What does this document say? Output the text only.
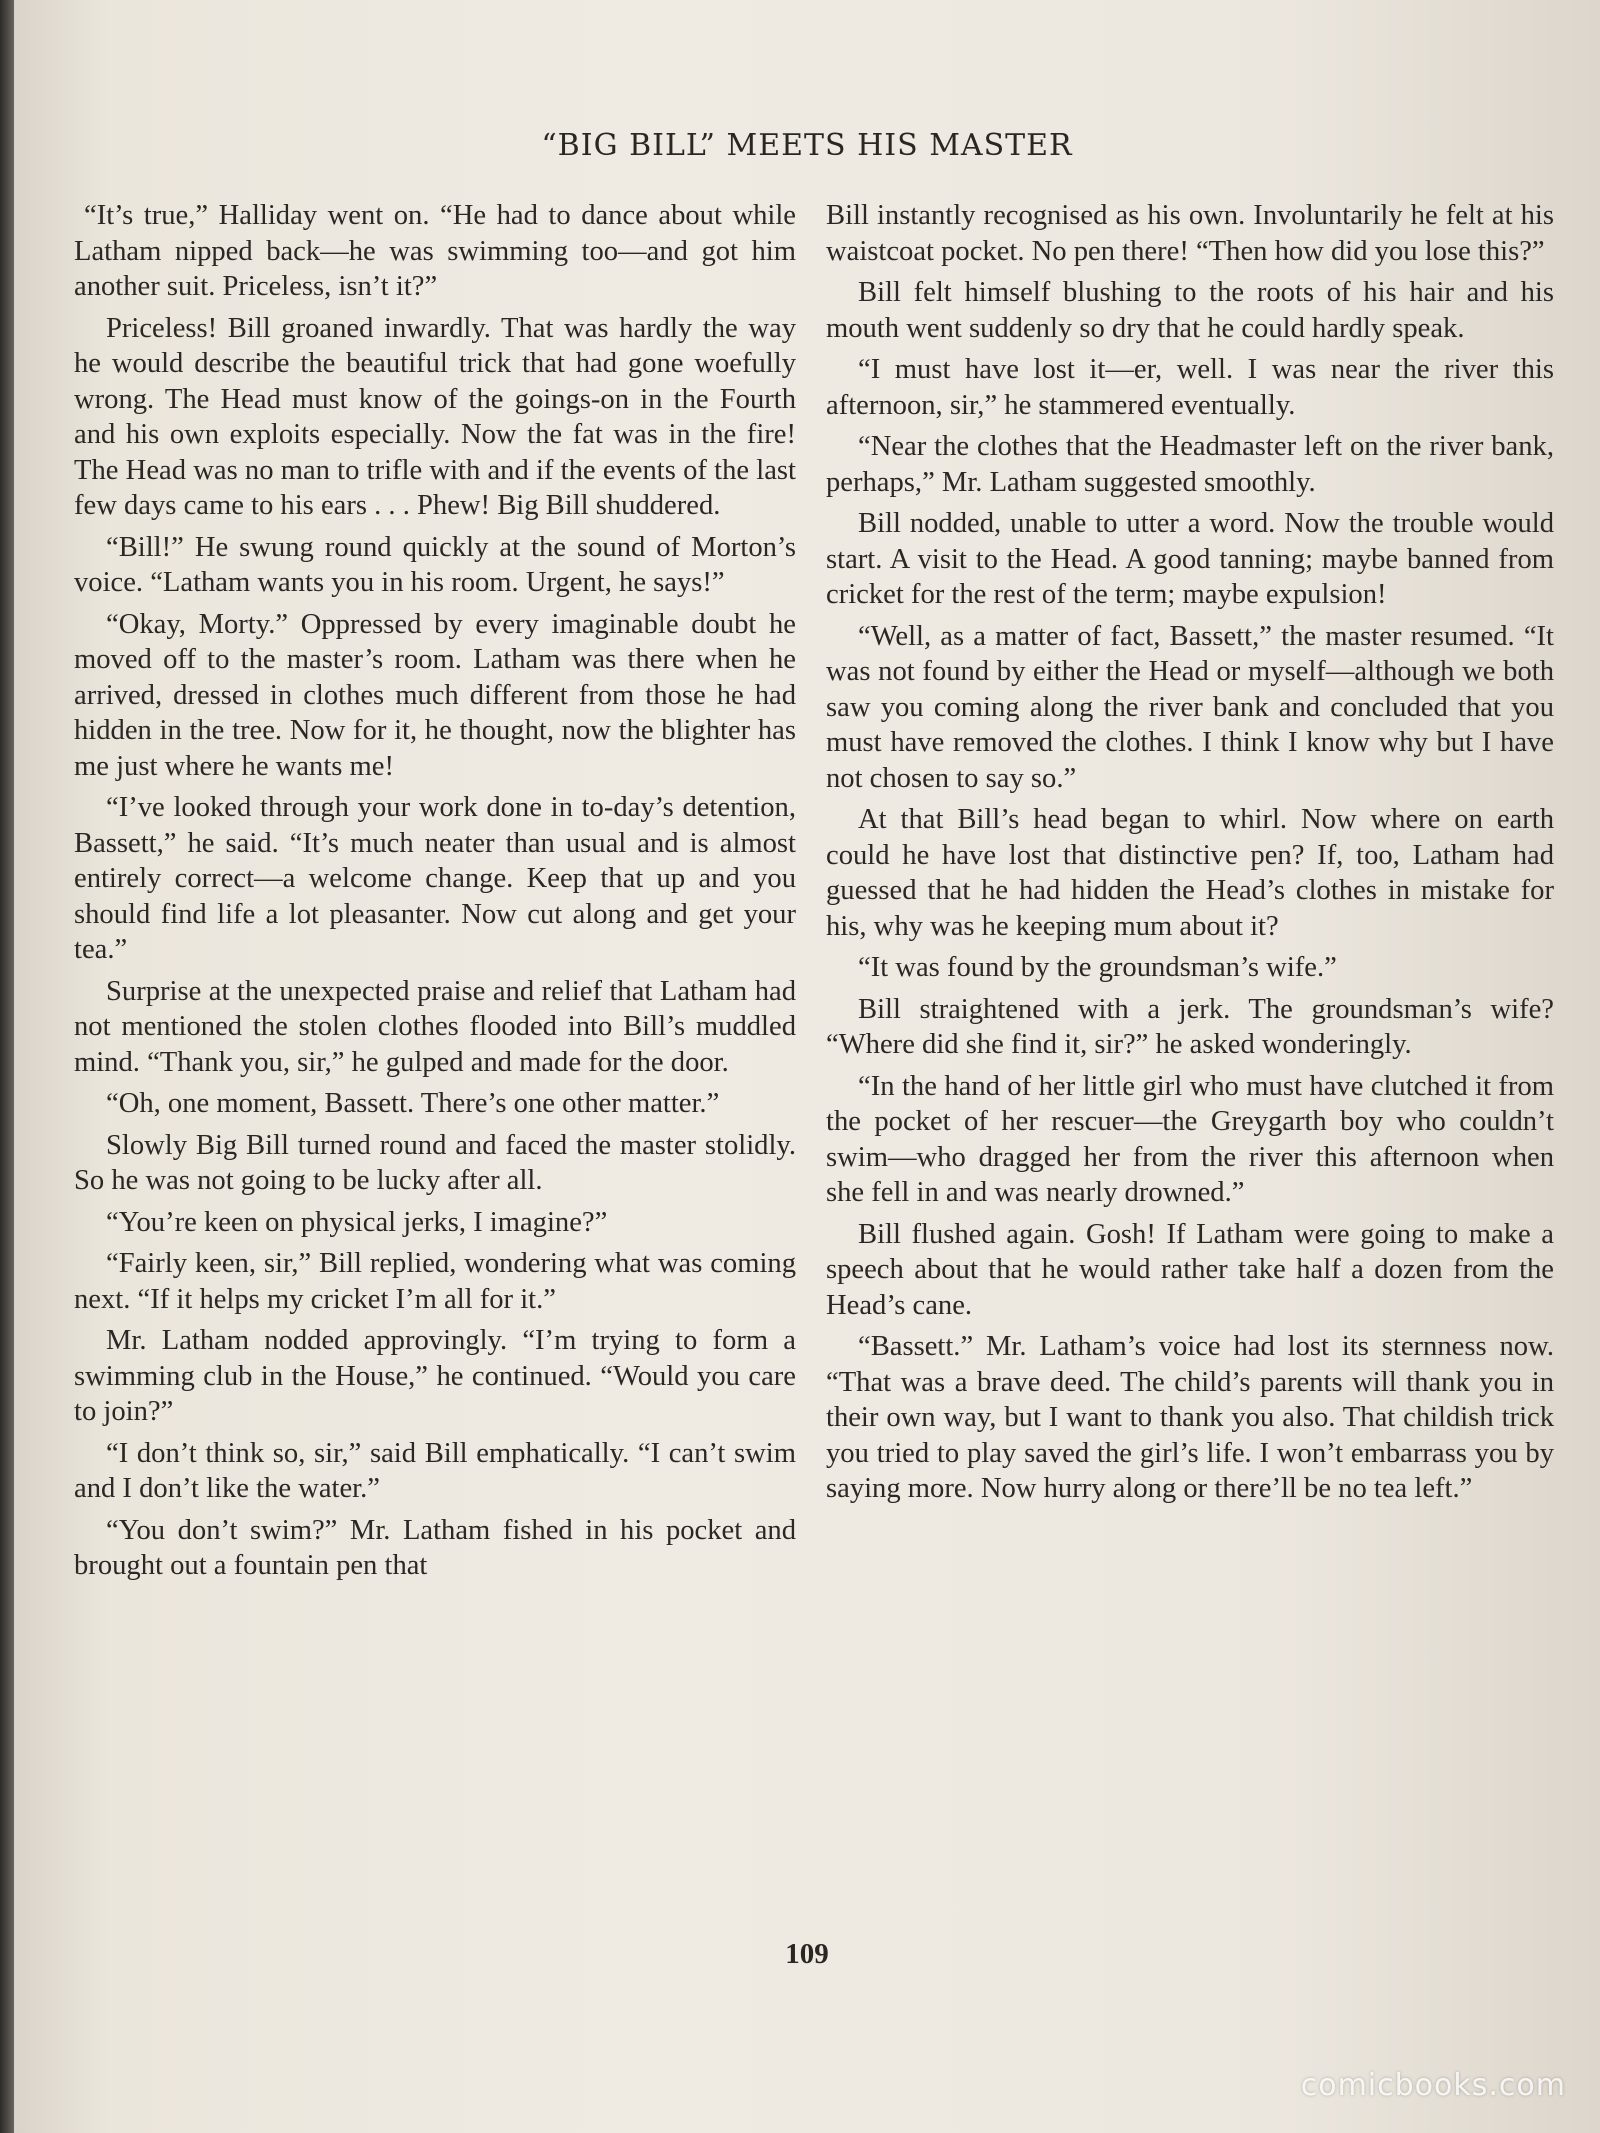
“BIG BILL” MEETS HIS MASTER

“It’s true,” Halliday went on. “He had to dance about while Latham nipped back—he was swimming too—and got him another suit. Priceless, isn’t it?”

Priceless! Bill groaned inwardly. That was hardly the way he would describe the beautiful trick that had gone woefully wrong. The Head must know of the goings-on in the Fourth and his own exploits especially. Now the fat was in the fire! The Head was no man to trifle with and if the events of the last few days came to his ears . . . Phew! Big Bill shuddered.

“Bill!” He swung round quickly at the sound of Morton’s voice. “Latham wants you in his room. Urgent, he says!”

“Okay, Morty.” Oppressed by every imaginable doubt he moved off to the master’s room. Latham was there when he arrived, dressed in clothes much different from those he had hidden in the tree. Now for it, he thought, now the blighter has me just where he wants me!

“I’ve looked through your work done in to-day’s detention, Bassett,” he said. “It’s much neater than usual and is almost entirely correct—a welcome change. Keep that up and you should find life a lot pleasanter. Now cut along and get your tea.”

Surprise at the unexpected praise and relief that Latham had not mentioned the stolen clothes flooded into Bill’s muddled mind. “Thank you, sir,” he gulped and made for the door.

“Oh, one moment, Bassett. There’s one other matter.”

Slowly Big Bill turned round and faced the master stolidly. So he was not going to be lucky after all.

“You’re keen on physical jerks, I imagine?”

“Fairly keen, sir,” Bill replied, wondering what was coming next. “If it helps my cricket I’m all for it.”

Mr. Latham nodded approvingly. “I’m trying to form a swimming club in the House,” he continued. “Would you care to join?”

“I don’t think so, sir,” said Bill emphatically. “I can’t swim and I don’t like the water.”

“You don’t swim?” Mr. Latham fished in his pocket and brought out a fountain pen that

Bill instantly recognised as his own. Involuntarily he felt at his waistcoat pocket. No pen there! “Then how did you lose this?”

Bill felt himself blushing to the roots of his hair and his mouth went suddenly so dry that he could hardly speak.

“I must have lost it—er, well. I was near the river this afternoon, sir,” he stammered eventually.

“Near the clothes that the Headmaster left on the river bank, perhaps,” Mr. Latham suggested smoothly.

Bill nodded, unable to utter a word. Now the trouble would start. A visit to the Head. A good tanning; maybe banned from cricket for the rest of the term; maybe expulsion!

“Well, as a matter of fact, Bassett,” the master resumed. “It was not found by either the Head or myself—although we both saw you coming along the river bank and concluded that you must have removed the clothes. I think I know why but I have not chosen to say so.”

At that Bill’s head began to whirl. Now where on earth could he have lost that distinctive pen? If, too, Latham had guessed that he had hidden the Head’s clothes in mistake for his, why was he keeping mum about it?

“It was found by the groundsman’s wife.”

Bill straightened with a jerk. The groundsman’s wife? “Where did she find it, sir?” he asked wonderingly.

“In the hand of her little girl who must have clutched it from the pocket of her rescuer—the Greygarth boy who couldn’t swim—who dragged her from the river this afternoon when she fell in and was nearly drowned.”

Bill flushed again. Gosh! If Latham were going to make a speech about that he would rather take half a dozen from the Head’s cane.

“Bassett.” Mr. Latham’s voice had lost its sternness now. “That was a brave deed. The child’s parents will thank you in their own way, but I want to thank you also. That childish trick you tried to play saved the girl’s life. I won’t embarrass you by saying more. Now hurry along or there’ll be no tea left.”

109
comicbooks.com
